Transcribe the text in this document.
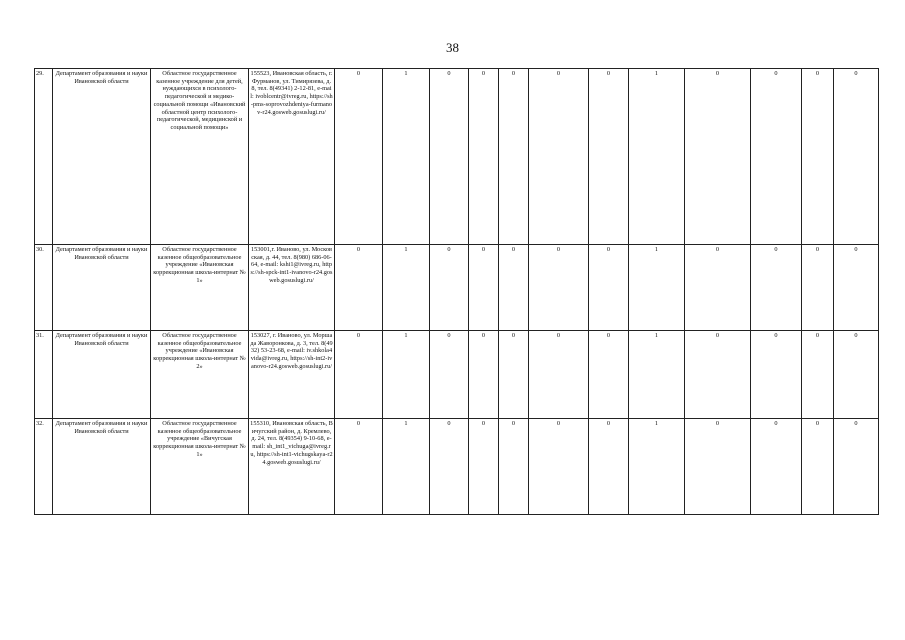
38
29.	Департамент образования и науки Ивановской области	Областное государственное казенное учреждение для детей, нуждающихся в психолого-педагогической и медико-социальной помощи «Ивановский областной центр психолого-педагогической, медицинской и социальной помощи»	155523, Ивановская область, г. Фурманов, ул. Тимирязева, д. 8, тел. 8(49341) 2-12-81, e-mail: ivoblcentr@ivreg.ru, https://sh-pms-soprovozhdeniya-furmanov-r24.gosweb.gosuslugi.ru/	0	1	0	0	0	0	0	1	0	0	0	0
30.	Департамент образования и науки Ивановской области	Областное государственное казенное общеобразовательное учреждение «Ивановская коррекционная школа-интернат № 1»	153001,г. Иваново, ул. Московская, д. 44, тел. 8(980) 686-06-64, e-mail: kshi1@ivreg.ru, https://sh-spck-int1-ivanovo-r24.gosweb.gosuslugi.ru/	0	1	0	0	0	0	0	1	0	0	0	0
31.	Департамент образования и науки Ивановской области	Областное государственное казенное общеобразовательное учреждение «Ивановская коррекционная школа-интернат № 2»	153027, г. Иваново, ул. Моршада Жаворонкова, д. 3, тел. 8(4932) 53-23-68, e-mail: iv.shkola4vida@ivreg.ru, https://sh-int2-ivanovo-r24.gosweb.gosuslugi.ru/	0	1	0	0	0	0	0	1	0	0	0	0
32.	Департамент образования и науки Ивановской области	Областное государственное казенное общеобразовательное учреждение «Вичугская коррекционная школа-интернат № 1»	155310, Ивановская область, Вичугский район, д. Кремлево, д. 24, тел. 8(49354) 9-10-68, e-mail: sh_int1_vichuga@ivreg.ru, https://sh-int1-vichugskaya-r24.gosweb.gosuslugi.ru/	0	1	0	0	0	0	0	1	0	0	0	0
